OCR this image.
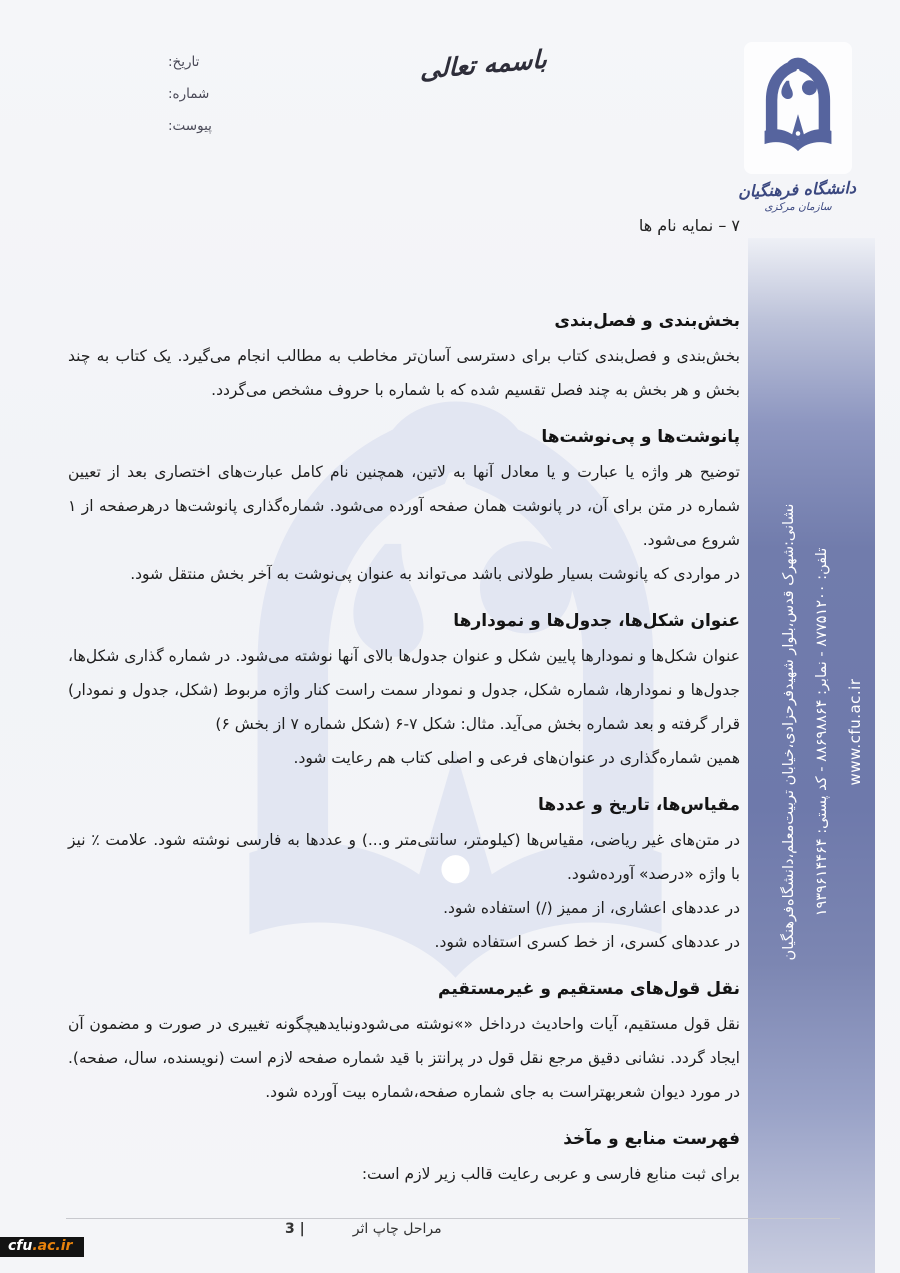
تاریخ:
شماره:
پیوست:
باسمه تعالی
دانشگاه فرهنگیان
سازمان مرکزی
۷ – نمایه نام ها
بخش‌بندی و فصل‌بندی

بخش‌بندی و فصل‌بندی کتاب برای دسترسی آسان‌تر مخاطب به مطالب انجام می‌گیرد. یک کتاب به چند بخش و هر بخش به چند فصل تقسیم شده که با شماره با حروف مشخص می‌گردد.

پانوشت‌ها و پی‌نوشت‌ها

توضیح هر واژه یا عبارت و یا معادل آنها به لاتین، همچنین نام کامل عبارت‌های اختصاری بعد از تعیین شماره در متن برای آن، در پانوشت همان صفحه آورده می‌شود. شماره‌گذاری پانوشت‌ها درهرصفحه از ۱ شروع می‌شود.

در مواردی که پانوشت بسیار طولانی باشد می‌تواند به عنوان پی‌نوشت به آخر بخش منتقل شود.

عنوان شکل‌ها، جدول‌ها و نمودارها

عنوان شکل‌ها و نمودارها پایین شکل و عنوان جدول‌ها بالای آنها نوشته می‌شود. در شماره گذاری شکل‌ها، جدول‌ها و نمودارها، شماره شکل، جدول و نمودار سمت راست کنار واژه مربوط (شکل، جدول و نمودار) قرار گرفته و بعد شماره بخش می‌آید. مثال: شکل ۷-۶ (شکل شماره ۷ از بخش ۶)

همین شماره‌گذاری در عنوان‌های فرعی و اصلی کتاب هم رعایت شود.

مقیاس‌ها، تاریخ و عددها

در متن‌های غیر ریاضی، مقیاس‌ها (کیلومتر، سانتی‌متر و...) و عددها به فارسی نوشته شود. علامت ٪ نیز با واژه «درصد» آورده‌شود.

در عددهای اعشاری، از ممیز (/) استفاده شود.

در عددهای کسری، از خط کسری استفاده شود.

نقل قول‌های مستقیم و غیرمستقیم

نقل قول مستقیم، آیات واحادیث درداخل «»نوشته می‌شودونبایدهیچگونه تغییری در صورت و مضمون آن ایجاد گردد. نشانی دقیق مرجع نقل قول در پرانتز با قید شماره صفحه لازم است (نویسنده، سال، صفحه). در مورد دیوان شعربهتراست به جای شماره صفحه،شماره بیت آورده شود.

فهرست منابع و مآخذ

برای ثبت منابع فارسی و عربی رعایت قالب زیر لازم است:

نشانی:شهرک قدس،بلوار شهیدفرحزادی،خیابان تربیت‌معلم،دانشگاه‌فرهنگیان	تلفن: ۸۷۷۵۱۲۰۰ - نمابر: ۸۸۶۹۸۸۶۴ - کد پستی: ۱۹۳۹۶۱۴۴۶۴
www.cfu.ac.ir
مراحل چاپ اثر
3 |
cfu.ac.ir
